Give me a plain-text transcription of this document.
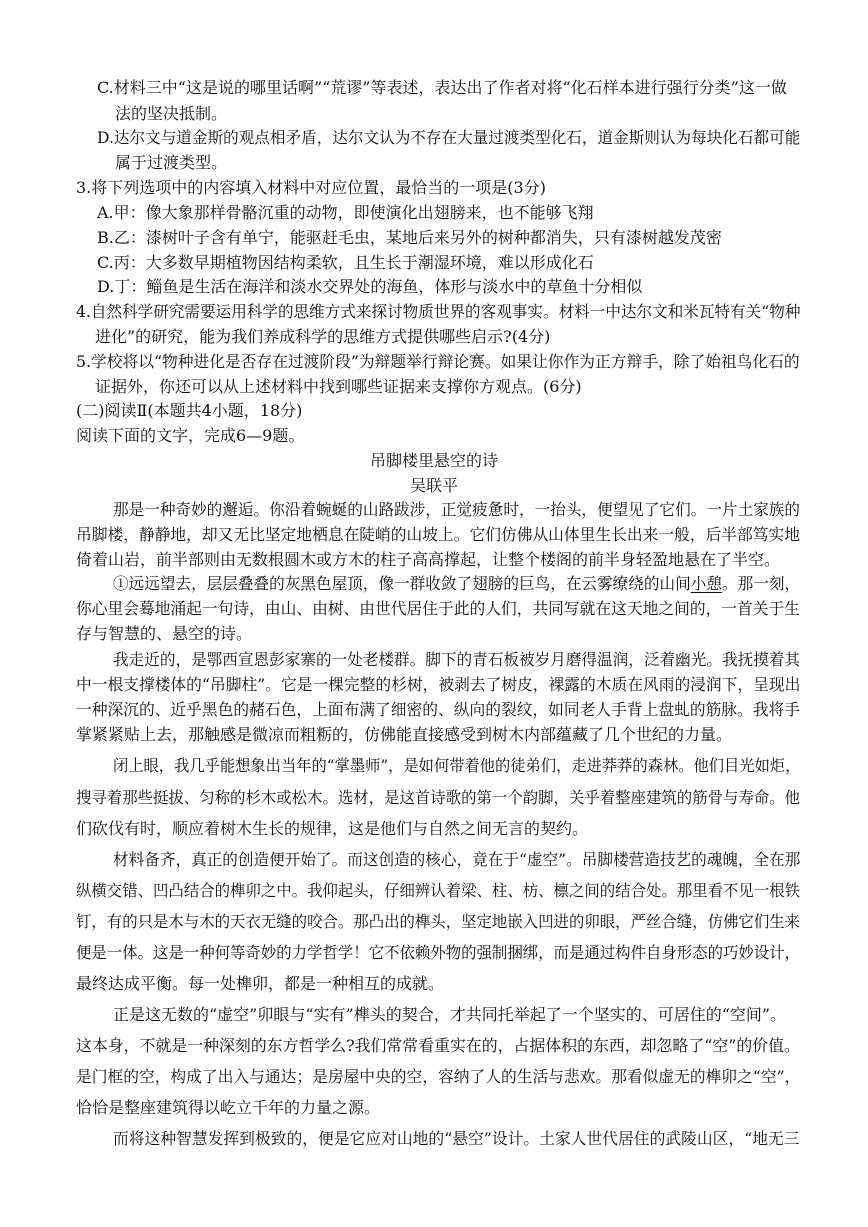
C.材料三中“这是说的哪里话啊”“荒谬”等表述，表达出了作者对将“化石样本进行强行分类”这一做
法的坚决抵制。
D.达尔文与道金斯的观点相矛盾，达尔文认为不存在大量过渡类型化石，道金斯则认为每块化石都可能
属于过渡类型。
3.将下列选项中的内容填入材料中对应位置，最恰当的一项是(3分)
A.甲：像大象那样骨骼沉重的动物，即使演化出翅膀来，也不能够飞翔
B.乙：漆树叶子含有单宁，能驱赶毛虫，某地后来另外的树种都消失，只有漆树越发茂密
C.丙：大多数早期植物因结构柔软，且生长于潮湿环境，难以形成化石
D.丁：鲻鱼是生活在海洋和淡水交界处的海鱼，体形与淡水中的草鱼十分相似
4.自然科学研究需要运用科学的思维方式来探讨物质世界的客观事实。材料一中达尔文和米瓦特有关“物种
进化”的研究，能为我们养成科学的思维方式提供哪些启示?(4分)
5.学校将以“物种进化是否存在过渡阶段”为辩题举行辩论赛。如果让你作为正方辩手，除了始祖鸟化石的
证据外，你还可以从上述材料中找到哪些证据来支撑你方观点。(6分)
(二)阅读Ⅱ(本题共4小题，18分)
阅读下面的文字，完成6—9题。
吊脚楼里悬空的诗
吴联平
那是一种奇妙的邂逅。你沿着蜿蜒的山路跋涉，正觉疲惫时，一抬头，便望见了它们。一片土家族的
吊脚楼，静静地，却又无比坚定地栖息在陡峭的山坡上。它们仿佛从山体里生长出来一般，后半部笃实地
倚着山岩，前半部则由无数根圆木或方木的柱子高高撑起，让整个楼阁的前半身轻盈地悬在了半空。
①远远望去，层层叠叠的灰黑色屋顶，像一群收敛了翅膀的巨鸟，在云雾缭绕的山间小憩。那一刻，
你心里会蓦地涌起一句诗，由山、由树、由世代居住于此的人们，共同写就在这天地之间的，一首关于生
存与智慧的、悬空的诗。
我走近的，是鄂西宣恩彭家寨的一处老楼群。脚下的青石板被岁月磨得温润，泛着幽光。我抚摸着其
中一根支撑楼体的“吊脚柱”。它是一棵完整的杉树，被剥去了树皮，裸露的木质在风雨的浸润下，呈现出
一种深沉的、近乎黑色的赭石色，上面布满了细密的、纵向的裂纹，如同老人手背上盘虬的筋脉。我将手
掌紧紧贴上去，那触感是微凉而粗粝的，仿佛能直接感受到树木内部蕴藏了几个世纪的力量。
闭上眼，我几乎能想象出当年的“掌墨师”，是如何带着他的徒弟们，走进莽莽的森林。他们目光如炬，
搜寻着那些挺拔、匀称的杉木或松木。选材，是这首诗歌的第一个韵脚，关乎着整座建筑的筋骨与寿命。他
们砍伐有时，顺应着树木生长的规律，这是他们与自然之间无言的契约。
材料备齐，真正的创造便开始了。而这创造的核心，竟在于“虚空”。吊脚楼营造技艺的魂魄，全在那
纵横交错、凹凸结合的榫卯之中。我仰起头，仔细辨认着梁、柱、枋、檩之间的结合处。那里看不见一根铁
钉，有的只是木与木的天衣无缝的咬合。那凸出的榫头，坚定地嵌入凹进的卯眼，严丝合缝，仿佛它们生来
便是一体。这是一种何等奇妙的力学哲学！它不依赖外物的强制捆绑，而是通过构件自身形态的巧妙设计，
最终达成平衡。每一处榫卯，都是一种相互的成就。
正是这无数的“虚空”卯眼与“实有”榫头的契合，才共同托举起了一个坚实的、可居住的“空间”。
这本身，不就是一种深刻的东方哲学么?我们常常看重实在的，占据体积的东西，却忽略了“空”的价值。
是门框的空，构成了出入与通达；是房屋中央的空，容纳了人的生活与悲欢。那看似虚无的榫卯之“空”，
恰恰是整座建筑得以屹立千年的力量之源。
而将这种智慧发挥到极致的，便是它应对山地的“悬空”设计。土家人世代居住的武陵山区，“地无三
